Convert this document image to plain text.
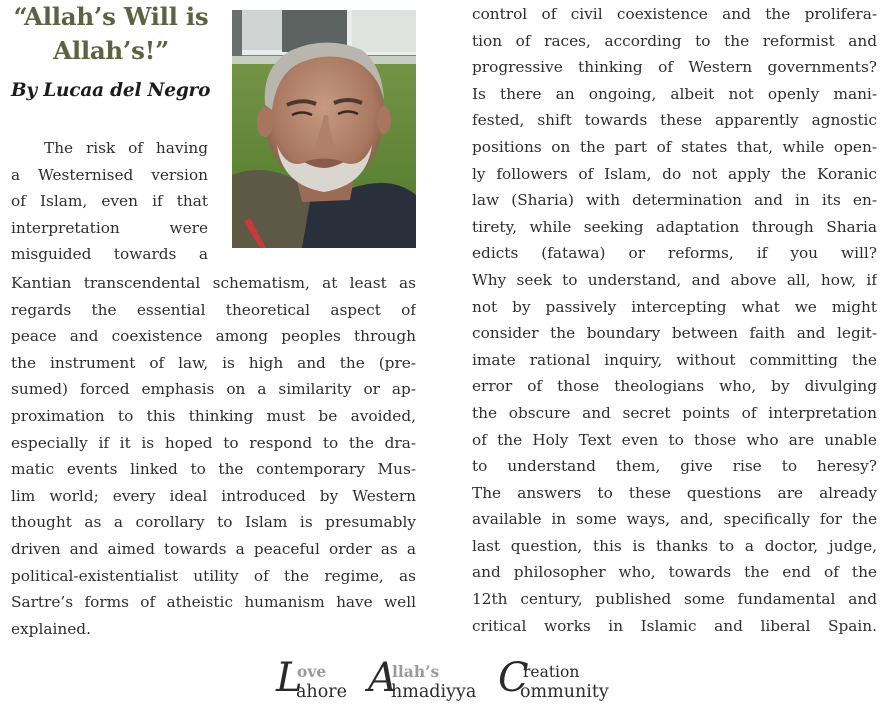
“Allah’s Will is
Allah’s!”
By Lucaa del Negro
The risk of having
a Westernised version
of Islam, even if that
interpretation were
misguided towards a
Kantian transcendental schematism, at least as
regards the essential theoretical aspect of
peace and coexistence among peoples through
the instrument of law, is high and the (pre-
sumed) forced emphasis on a similarity or ap-
proximation to this thinking must be avoided,
especially if it is hoped to respond to the dra-
matic events linked to the contemporary Mus-
lim world; every ideal introduced by Western
thought as a corollary to Islam is presumably
driven and aimed towards a peaceful order as a
political-existentialist utility of the regime, as
Sartre’s forms of atheistic humanism have well
explained.
control of civil coexistence and the prolifera-
tion of races, according to the reformist and
progressive thinking of Western governments?
Is there an ongoing, albeit not openly mani-
fested, shift towards these apparently agnostic
positions on the part of states that, while open-
ly followers of Islam, do not apply the Koranic
law (Sharia) with determination and in its en-
tirety, while seeking adaptation through Sharia
edicts (fatawa) or reforms, if you will?
Why seek to understand, and above all, how, if
not by passively intercepting what we might
consider the boundary between faith and legit-
imate rational inquiry, without committing the
error of those theologians who, by divulging
the obscure and secret points of interpretation
of the Holy Text even to those who are unable
to understand them, give rise to heresy?
The answers to these questions are already
available in some ways, and, specifically for the
last question, this is thanks to a doctor, judge,
and philosopher who, towards the end of the
12th century, published some fundamental and
critical works in Islamic and liberal Spain.
L
ove
ahore A
llah’s
hmadiyya C
reation
ommunity
